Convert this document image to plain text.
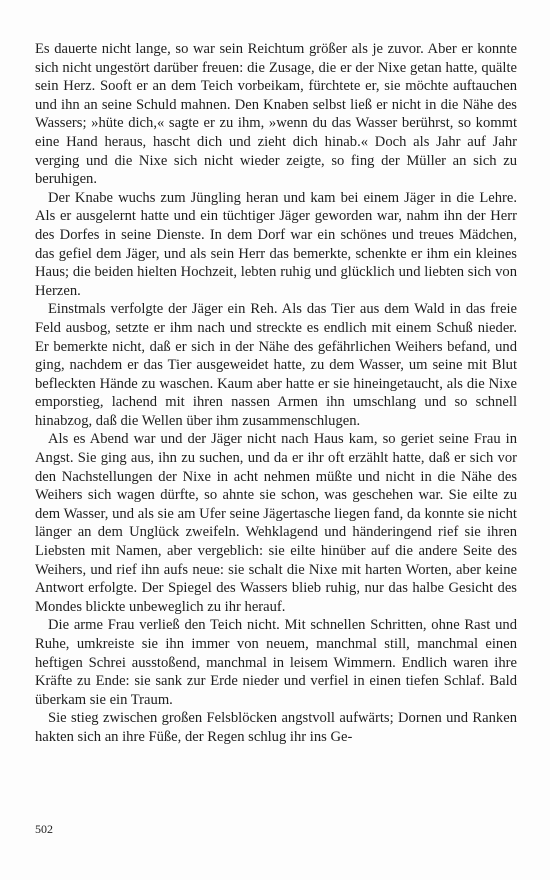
Es dauerte nicht lange, so war sein Reichtum größer als je zuvor. Aber er konnte sich nicht ungestört darüber freuen: die Zusage, die er der Nixe getan hatte, quälte sein Herz. Sooft er an dem Teich vorbeikam, fürchtete er, sie möchte auftauchen und ihn an seine Schuld mahnen. Den Knaben selbst ließ er nicht in die Nähe des Wassers; »hüte dich,« sagte er zu ihm, »wenn du das Wasser berührst, so kommt eine Hand heraus, hascht dich und zieht dich hinab.« Doch als Jahr auf Jahr verging und die Nixe sich nicht wieder zeigte, so fing der Müller an sich zu beruhigen.

Der Knabe wuchs zum Jüngling heran und kam bei einem Jäger in die Lehre. Als er ausgelernt hatte und ein tüchtiger Jäger geworden war, nahm ihn der Herr des Dorfes in seine Dienste. In dem Dorf war ein schönes und treues Mädchen, das gefiel dem Jäger, und als sein Herr das bemerkte, schenkte er ihm ein kleines Haus; die beiden hielten Hochzeit, lebten ruhig und glücklich und liebten sich von Herzen.

Einstmals verfolgte der Jäger ein Reh. Als das Tier aus dem Wald in das freie Feld ausbog, setzte er ihm nach und streckte es endlich mit einem Schuß nieder. Er bemerkte nicht, daß er sich in der Nähe des gefährlichen Weihers befand, und ging, nachdem er das Tier ausgeweidet hatte, zu dem Wasser, um seine mit Blut befleckten Hände zu waschen. Kaum aber hatte er sie hineingetaucht, als die Nixe emporstieg, lachend mit ihren nassen Armen ihn umschlang und so schnell hinabzog, daß die Wellen über ihm zusammenschlugen.

Als es Abend war und der Jäger nicht nach Haus kam, so geriet seine Frau in Angst. Sie ging aus, ihn zu suchen, und da er ihr oft erzählt hatte, daß er sich vor den Nachstellungen der Nixe in acht nehmen müßte und nicht in die Nähe des Weihers sich wagen dürfte, so ahnte sie schon, was geschehen war. Sie eilte zu dem Wasser, und als sie am Ufer seine Jägertasche liegen fand, da konnte sie nicht länger an dem Unglück zweifeln. Wehklagend und händeringend rief sie ihren Liebsten mit Namen, aber vergeblich: sie eilte hinüber auf die andere Seite des Weihers, und rief ihn aufs neue: sie schalt die Nixe mit harten Worten, aber keine Antwort erfolgte. Der Spiegel des Wassers blieb ruhig, nur das halbe Gesicht des Mondes blickte unbeweglich zu ihr herauf.

Die arme Frau verließ den Teich nicht. Mit schnellen Schritten, ohne Rast und Ruhe, umkreiste sie ihn immer von neuem, manchmal still, manchmal einen heftigen Schrei ausstoßend, manchmal in leisem Wimmern. Endlich waren ihre Kräfte zu Ende: sie sank zur Erde nieder und verfiel in einen tiefen Schlaf. Bald überkam sie ein Traum.

Sie stieg zwischen großen Felsblöcken angstvoll aufwärts; Dornen und Ranken hakten sich an ihre Füße, der Regen schlug ihr ins Ge-

502
